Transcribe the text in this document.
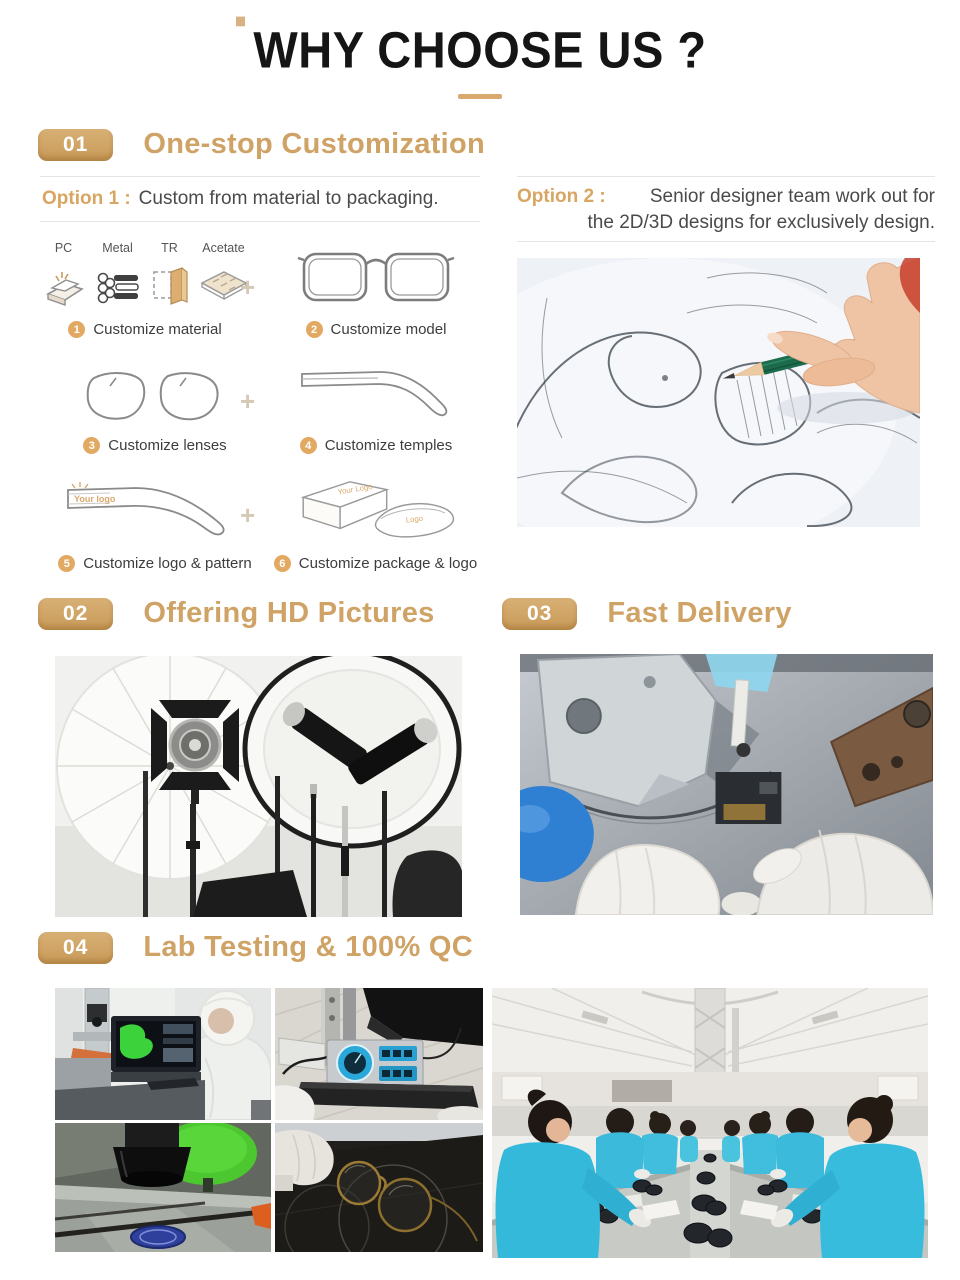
WHY CHOOSE US ?
01	One-stop Customization
Option 1 : Custom from material to packaging.	Option 2 :	Senior designer team work out for
the 2D/3D designs for exclusively design.
PC Metal TR Acetate
1 Customize material
+
2 Customize model
3 Customize lenses
+
4 Customize temples
Your logo
5 Customize logo & pattern
+
Your Logo
Logo
6 Customize package & logo
02	Offering HD Pictures	03	Fast Delivery
04	Lab Testing & 100% QC
